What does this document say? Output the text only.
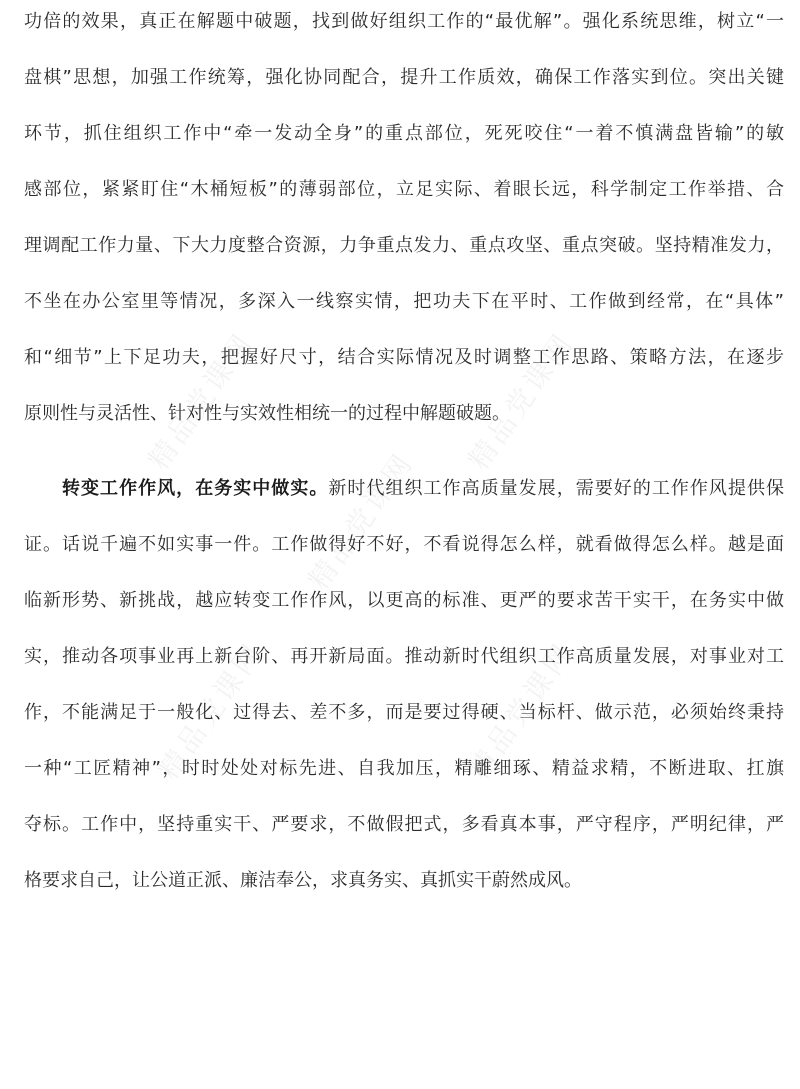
精品党课网	精品党课网
精品党课网
精品党课网	精品党课网
功倍的效果，真正在解题中破题，找到做好组织工作的“最优解”。强化系统思维，树立“一
盘棋”思想，加强工作统筹，强化协同配合，提升工作质效，确保工作落实到位。突出关键
环节，抓住组织工作中“牵一发动全身”的重点部位，死死咬住“一着不慎满盘皆输”的敏
感部位，紧紧盯住“木桶短板”的薄弱部位，立足实际、着眼长远，科学制定工作举措、合
理调配工作力量、下大力度整合资源，力争重点发力、重点攻坚、重点突破。坚持精准发力，
不坐在办公室里等情况，多深入一线察实情，把功夫下在平时、工作做到经常，在“具体”
和“细节”上下足功夫，把握好尺寸，结合实际情况及时调整工作思路、策略方法，在逐步
原则性与灵活性、针对性与实效性相统一的过程中解题破题。
转变工作作风，在务实中做实。新时代组织工作高质量发展，需要好的工作作风提供保
证。话说千遍不如实事一件。工作做得好不好，不看说得怎么样，就看做得怎么样。越是面
临新形势、新挑战，越应转变工作作风，以更高的标准、更严的要求苦干实干，在务实中做
实，推动各项事业再上新台阶、再开新局面。推动新时代组织工作高质量发展，对事业对工
作，不能满足于一般化、过得去、差不多，而是要过得硬、当标杆、做示范，必须始终秉持
一种“工匠精神”，时时处处对标先进、自我加压，精雕细琢、精益求精，不断进取、扛旗
夺标。工作中，坚持重实干、严要求，不做假把式，多看真本事，严守程序，严明纪律，严
格要求自己，让公道正派、廉洁奉公，求真务实、真抓实干蔚然成风。
